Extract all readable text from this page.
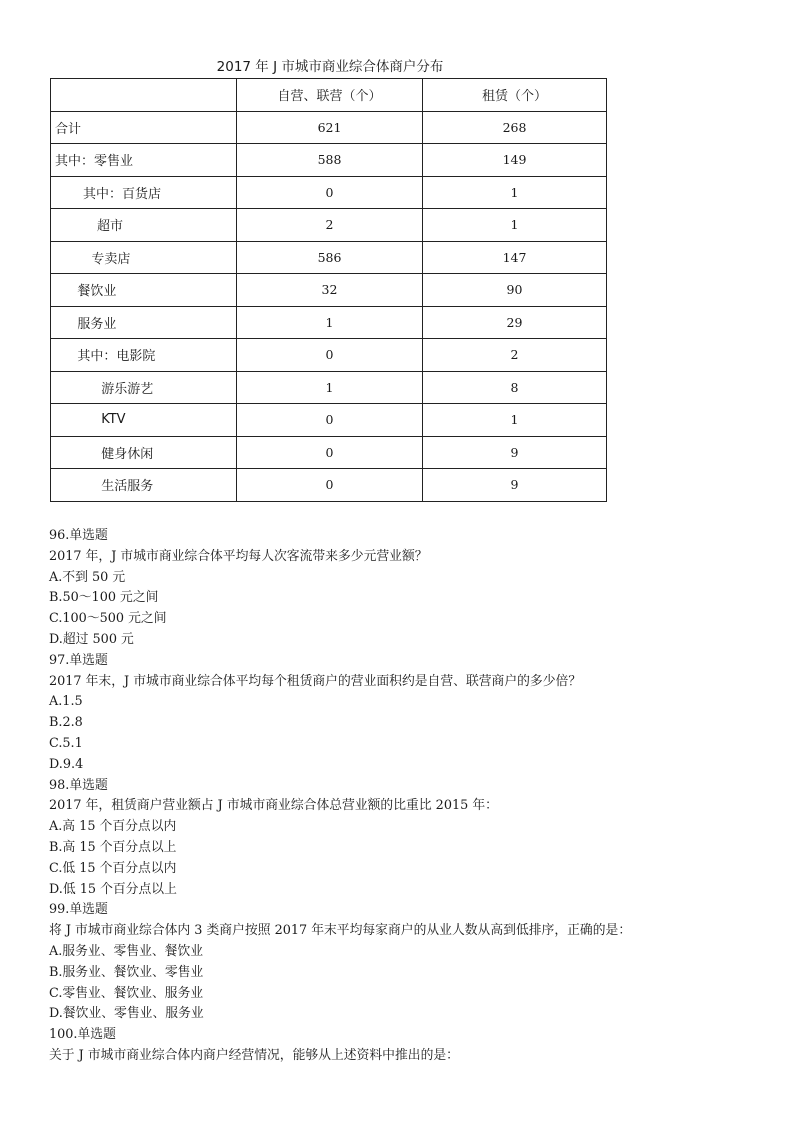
2017 年 J 市城市商业综合体商户分布
	自营、联营（个）	租赁（个）
合计	621	268
其中：零售业	588	149
其中：百货店	0	1
超市	2	1
专卖店	586	147
餐饮业	32	90
服务业	1	29
其中：电影院	0	2
游乐游艺	1	8
KTV	0	1
健身休闲	0	9
生活服务	0	9
96.单选题
2017 年，J 市城市商业综合体平均每人次客流带来多少元营业额？
A.不到 50 元
B.50～100 元之间
C.100～500 元之间
D.超过 500 元
97.单选题
2017 年末，J 市城市商业综合体平均每个租赁商户的营业面积约是自营、联营商户的多少倍？
A.1.5
B.2.8
C.5.1
D.9.4
98.单选题
2017 年，租赁商户营业额占 J 市城市商业综合体总营业额的比重比 2015 年：
A.高 15 个百分点以内
B.高 15 个百分点以上
C.低 15 个百分点以内
D.低 15 个百分点以上
99.单选题
将 J 市城市商业综合体内 3 类商户按照 2017 年末平均每家商户的从业人数从高到低排序，正确的是：
A.服务业、零售业、餐饮业
B.服务业、餐饮业、零售业
C.零售业、餐饮业、服务业
D.餐饮业、零售业、服务业
100.单选题
关于 J 市城市商业综合体内商户经营情况，能够从上述资料中推出的是：
